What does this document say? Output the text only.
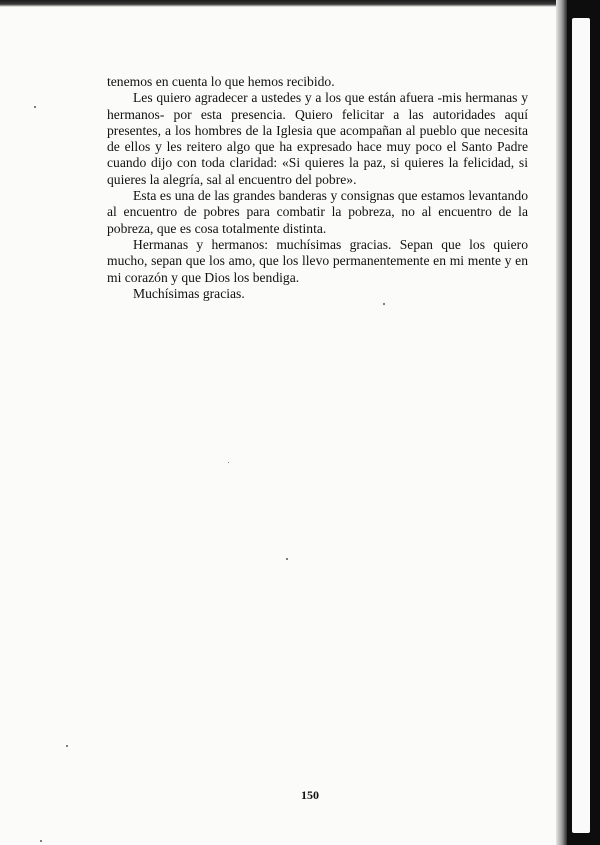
tenemos en cuenta lo que hemos recibido.

Les quiero agradecer a ustedes y a los que están afuera -mis hermanas y hermanos- por esta presencia. Quiero felicitar a las autoridades aquí presentes, a los hombres de la Iglesia que acompañan al pueblo que necesita de ellos y les reitero algo que ha expresado hace muy poco el Santo Padre cuando dijo con toda claridad: «Si quieres la paz, si quieres la felicidad, si quieres la alegría, sal al encuentro del pobre».

Esta es una de las grandes banderas y consignas que estamos levantando al encuentro de pobres para combatir la pobreza, no al encuentro de la pobreza, que es cosa totalmente distinta.

Hermanas y hermanos: muchísimas gracias. Sepan que los quiero mucho, sepan que los amo, que los llevo permanentemente en mi mente y en mi corazón y que Dios los bendiga.

Muchísimas gracias.

150
